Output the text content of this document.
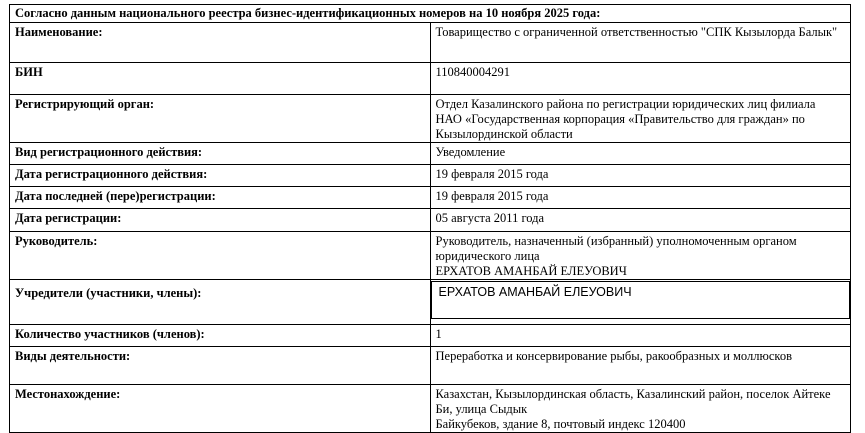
Согласно данным национального реестра бизнес-идентификационных номеров на 10 ноября 2025 года:	
Наименование:	Товарищество с ограниченной ответственностью "СПК Кызылорда Балык"
БИН	110840004291
Регистрирующий орган:	Отдел Казалинского района по регистрации юридических лиц филиала НАО «Государственная корпорация «Правительство для граждан» по Кызылординской области
Вид регистрационного действия:	Уведомление
Дата регистрационного действия:	19 февраля 2015 года
Дата последней (пере)регистрации:	19 февраля 2015 года
Дата регистрации:	05 августа 2011 года
Руководитель:	Руководитель, назначенный (избранный) уполномоченным органом юридического лица
ЕРХАТОВ АМАНБАЙ ЕЛЕУОВИЧ

Учредители (участники, члены):	ЕРХАТОВ АМАНБАЙ ЕЛЕУОВИЧ

Количество участников (членов):	1
Виды деятельности:	Переработка и консервирование рыбы, ракообразных и моллюсков
Местонахождение:	Казахстан, Кызылординская область, Казалинский район, поселок Айтеке Би, улица Сыдык
Байкубеков, здание 8, почтовый индекс 120400
